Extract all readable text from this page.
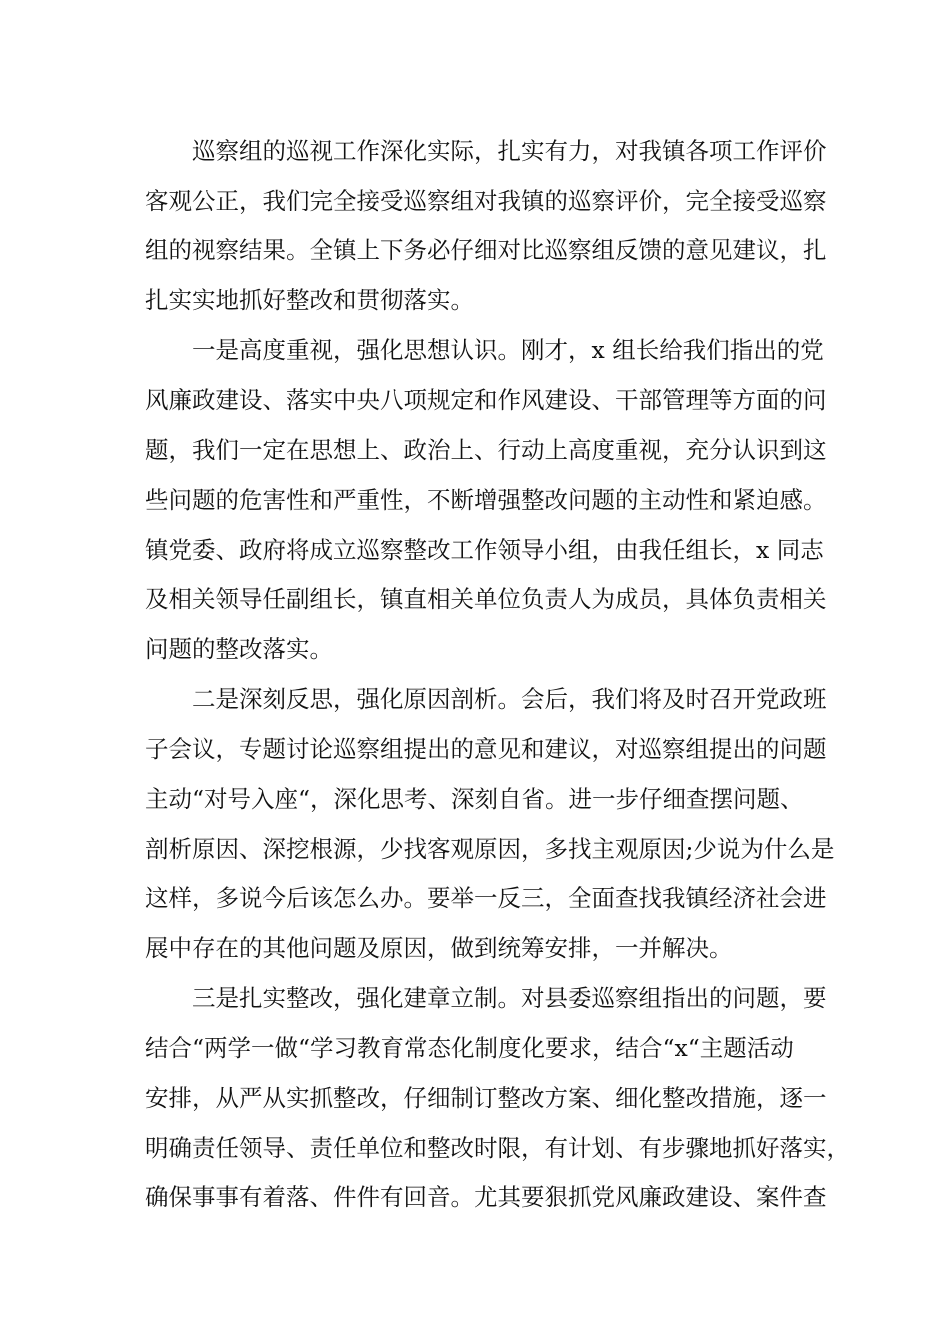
　　巡察组的巡视工作深化实际，扎实有力，对我镇各项工作评价
客观公正，我们完全接受巡察组对我镇的巡察评价，完全接受巡察
组的视察结果。全镇上下务必仔细对比巡察组反馈的意见建议，扎
扎实实地抓好整改和贯彻落实。
　　一是高度重视，强化思想认识。刚才，x 组长给我们指出的党
风廉政建设、落实中央八项规定和作风建设、干部管理等方面的问
题，我们一定在思想上、政治上、行动上高度重视，充分认识到这
些问题的危害性和严重性，不断增强整改问题的主动性和紧迫感。
镇党委、政府将成立巡察整改工作领导小组，由我任组长，x 同志
及相关领导任副组长，镇直相关单位负责人为成员，具体负责相关
问题的整改落实。
　　二是深刻反思，强化原因剖析。会后，我们将及时召开党政班
子会议，专题讨论巡察组提出的意见和建议，对巡察组提出的问题
主动“对号入座“，深化思考、深刻自省。进一步仔细查摆问题、
剖析原因、深挖根源，少找客观原因，多找主观原因;少说为什么是
这样，多说今后该怎么办。要举一反三，全面查找我镇经济社会进
展中存在的其他问题及原因，做到统筹安排，一并解决。
　　三是扎实整改，强化建章立制。对县委巡察组指出的问题，要
结合“两学一做“学习教育常态化制度化要求，结合“x“主题活动
安排，从严从实抓整改，仔细制订整改方案、细化整改措施，逐一
明确责任领导、责任单位和整改时限，有计划、有步骤地抓好落实，
确保事事有着落、件件有回音。尤其要狠抓党风廉政建设、案件查
